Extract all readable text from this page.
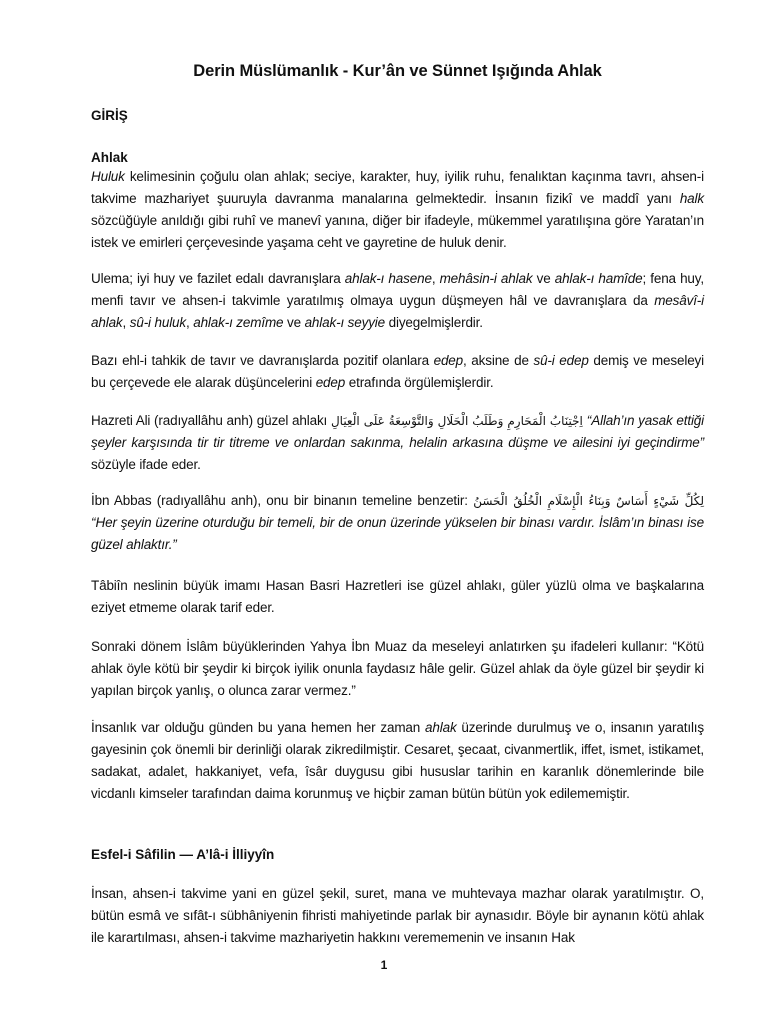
Derin Müslümanlık - Kur’ân ve Sünnet Işığında Ahlak
GİRİŞ
Ahlak

Huluk kelimesinin çoğulu olan ahlak; seciye, karakter, huy, iyilik ruhu, fenalıktan kaçınma tavrı, ahsen-i takvime mazhariyet şuuruyla davranma manalarına gelmektedir. İnsanın fizikî ve maddî yanı halk sözcüğüyle anıldığı gibi ruhî ve manevî yanına, diğer bir ifadeyle, mükemmel yaratılışına göre Yaratan’ın istek ve emirleri çerçevesinde yaşama ceht ve gayretine de huluk denir.

Ulema; iyi huy ve fazilet edalı davranışlara ahlak-ı hasene, mehâsin-i ahlak ve ahlak-ı hamîde; fena huy, menfi tavır ve ahsen-i takvimle yaratılmış olmaya uygun düşmeyen hâl ve davranışlara da mesâvî-i ahlak, sû-i huluk, ahlak-ı zemîme ve ahlak-ı seyyie diyegelmişlerdir.

Bazı ehl-i tahkik de tavır ve davranışlarda pozitif olanlara edep, aksine de sû-i edep demiş ve meseleyi bu çerçevede ele alarak düşüncelerini edep etrafında örgülemişlerdir.

Hazreti Ali (radıyallâhu anh) güzel ahlakı اِجْتِنَابُ الْمَحَارِمِ وَطَلَبُ الْحَلَالِ وَالتَّوْسِعَةُ عَلَى الْعِيَالِ “Allah’ın yasak ettiği şeyler karşısında tir tir titreme ve onlardan sakınma, helalin arkasına düşme ve ailesini iyi geçindirme” sözüyle ifade eder.

İbn Abbas (radıyallâhu anh), onu bir binanın temeline benzetir: لِكُلِّ شَيْءٍ أَسَاسٌ وَبِنَاءُ الْإِسْلَامِ الْخُلُقُ الْحَسَنُ “Her şeyin üzerine oturduğu bir temeli, bir de onun üzerinde yükselen bir binası vardır. İslâm’ın binası ise güzel ahlaktır.”

Tâbiîn neslinin büyük imamı Hasan Basri Hazretleri ise güzel ahlakı, güler yüzlü olma ve başkalarına eziyet etmeme olarak tarif eder.

Sonraki dönem İslâm büyüklerinden Yahya İbn Muaz da meseleyi anlatırken şu ifadeleri kullanır: “Kötü ahlak öyle kötü bir şeydir ki birçok iyilik onunla faydasız hâle gelir. Güzel ahlak da öyle güzel bir şeydir ki yapılan birçok yanlış, o olunca zarar vermez.”

İnsanlık var olduğu günden bu yana hemen her zaman ahlak üzerinde durulmuş ve o, insanın yaratılış gayesinin çok önemli bir derinliği olarak zikredilmiştir. Cesaret, şecaat, civanmertlik, iffet, ismet, istikamet, sadakat, adalet, hakkaniyet, vefa, îsâr duygusu gibi hususlar tarihin en karanlık dönemlerinde bile vicdanlı kimseler tarafından daima korunmuş ve hiçbir zaman bütün bütün yok edilememiştir.

Esfel-i Sâfilin — A’lâ-i İlliyyîn

İnsan, ahsen-i takvime yani en güzel şekil, suret, mana ve muhtevaya mazhar olarak yaratılmıştır. O, bütün esmâ ve sıfât-ı sübhâniyenin fihristi mahiyetinde parlak bir aynasıdır. Böyle bir aynanın kötü ahlak ile karartılması, ahsen-i takvime mazhariyetin hakkını verememenin ve insanın Hak

1
